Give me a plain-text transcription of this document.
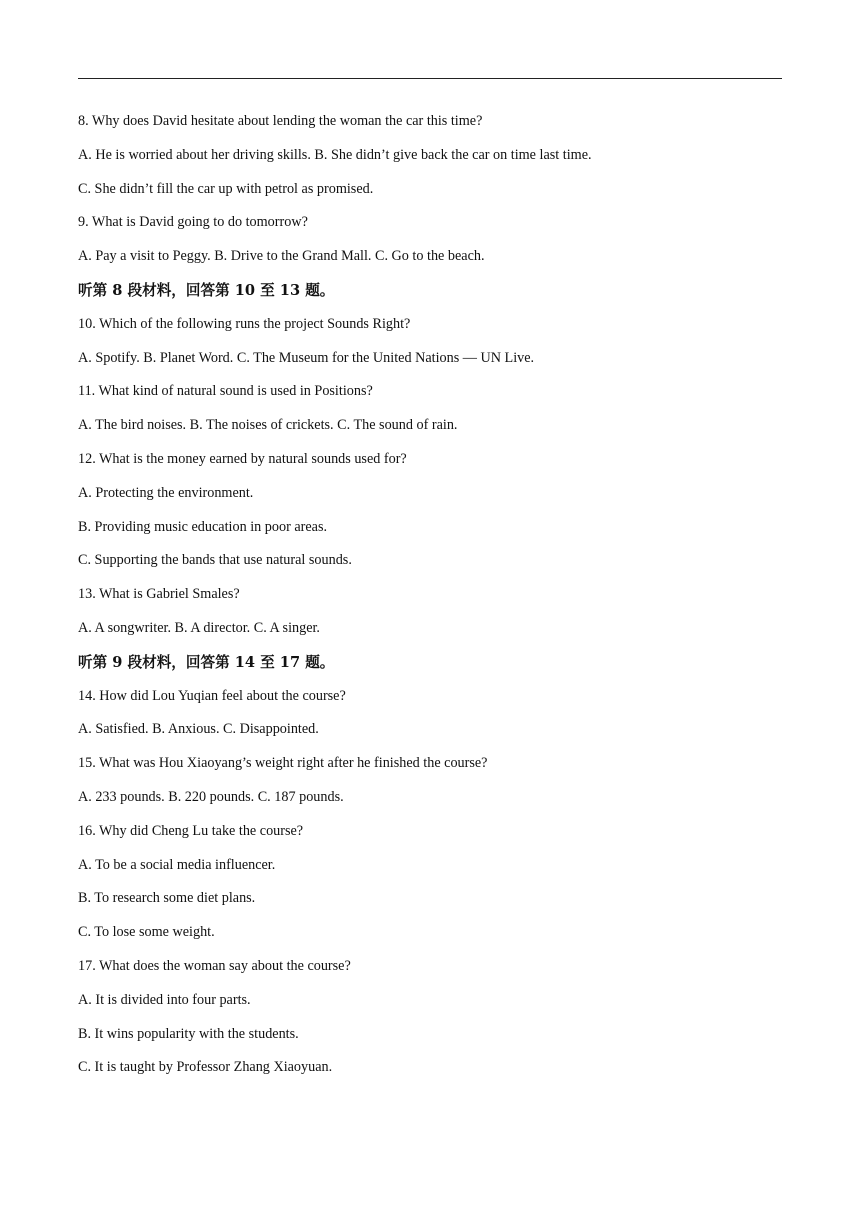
8. Why does David hesitate about lending the woman the car this time?
A. He is worried about her driving skills. B. She didn’t give back the car on time last time.
C. She didn’t fill the car up with petrol as promised.
9. What is David going to do tomorrow?
A. Pay a visit to Peggy. B. Drive to the Grand Mall. C. Go to the beach.
听第 8 段材料，回答第 10 至 13 题。
10. Which of the following runs the project Sounds Right?
A. Spotify. B. Planet Word. C. The Museum for the United Nations — UN Live.
11. What kind of natural sound is used in Positions?
A. The bird noises. B. The noises of crickets. C. The sound of rain.
12. What is the money earned by natural sounds used for?
A. Protecting the environment.
B. Providing music education in poor areas.
C. Supporting the bands that use natural sounds.
13. What is Gabriel Smales?
A. A songwriter. B. A director. C. A singer.
听第 9 段材料，回答第 14 至 17 题。
14. How did Lou Yuqian feel about the course?
A. Satisfied. B. Anxious. C. Disappointed.
15. What was Hou Xiaoyang’s weight right after he finished the course?
A. 233 pounds. B. 220 pounds. C. 187 pounds.
16. Why did Cheng Lu take the course?
A. To be a social media influencer.
B. To research some diet plans.
C. To lose some weight.
17. What does the woman say about the course?
A. It is divided into four parts.
B. It wins popularity with the students.
C. It is taught by Professor Zhang Xiaoyuan.
